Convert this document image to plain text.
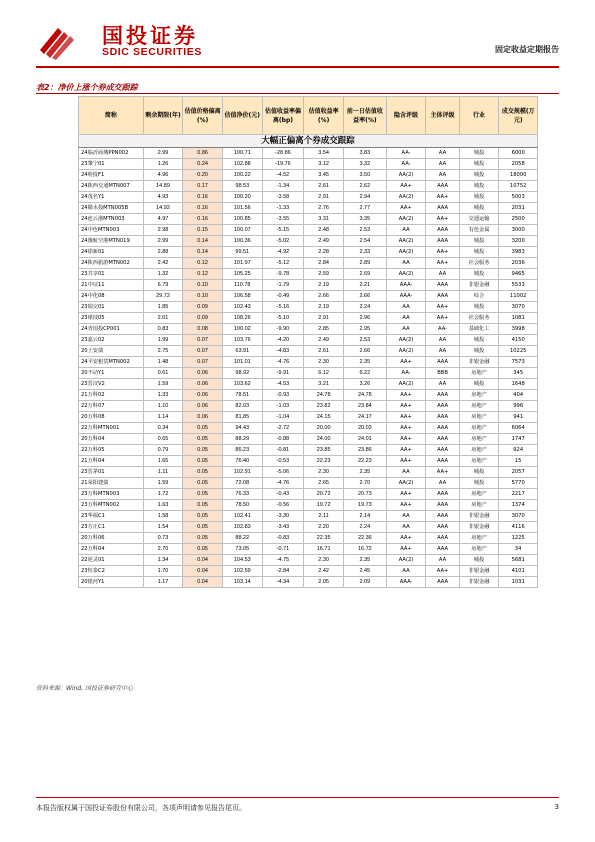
国投证券
SDIC SECURITIES	固定收益定期报告
表2：净价上涨个券成交跟踪
大幅正偏离个券成交跟踪										
简称	剩余期限(年)	估值价格偏离(%)	估值净价(元)	估值收益率偏离(bp)	估值收益率(%)	前一日估值收益率(%)	隐含评级	主体评级	行业	成交规模(万元)
24临沂商城PPN002	2.99	0.86	100.71	-28.86	3.54	3.83	AA-	AA	城投	6000
23肇宁01	1.26	0.24	102.88	-19.76	3.12	3.32	AA-	AA	城投	2058
24哈投F1	4.96	0.20	100.22	-4.52	3.45	3.50	AA(2)	AA	城投	18000
24陕西交通MTN007	14.89	0.17	98.53	-1.34	2.61	2.62	AA+	AAA	城投	10752
24茂名Y1	4.93	0.16	100.20	-3.58	2.91	2.94	AA(2)	AA+	城投	5003
24赣水投MTN005B	14.92	0.16	101.56	-1.33	2.76	2.77	AA+	AAA	城投	2031
24连云港MTN003	4.97	0.16	100.85	-3.55	3.31	3.35	AA(2)	AA+	交通运输	2500
24中色MTN003	2.98	0.15	100.07	-5.15	2.48	2.53	AA	AAA	有色金属	3000
24豫航空港MTN019	2.99	0.14	100.36	-5.02	2.49	2.54	AA(2)	AAA	城投	3200
24徐新01	2.88	0.14	99.51	-4.92	2.28	2.33	AA(2)	AA+	城投	3983
24陕西旅游MTN002	2.42	0.12	101.97	-5.12	2.84	2.89	AA	AA+	社会服务	2036
23共享01	1.32	0.12	105.25	-9.78	2.59	2.69	AA(2)	AA	城投	9465
21中证11	6.79	0.10	110.78	-1.79	2.19	2.21	AAA-	AAA	非银金融	5533
24中化08	29.72	0.10	106.58	-0.49	2.66	2.66	AAA-	AAA	综合	11002
23瑞交01	1.85	0.09	102.43	-5.16	2.19	2.24	AA	AA+	城投	3070
23球技05	2.01	0.09	108.26	-5.10	2.91	2.96	AA	AA+	社会服务	1081
24青国投CP001	0.83	0.08	100.02	-9.90	2.85	2.95	AA	AA-	基础化工	3998
23嘉云02	1.99	0.07	103.76	-4.20	2.49	2.53	AA(2)	AA	城投	4150
20上安债	2.75	0.07	63.91	-4.83	2.61	2.66	AA(2)	AA	城投	10225
24平安租赁MTN002	1.48	0.07	101.01	-4.76	2.30	2.35	AA+	AAA	非银金融	7573
20不动Y1	0.61	0.06	98.92	-9.91	6.12	6.22	AA-	BBB	房地产	345
23晋汉V2	1.59	0.06	103.62	-4.53	3.21	3.26	AA(2)	AA	城投	1648
21万科02	1.33	0.06	78.51	-0.93	24.78	24.78	AA+	AAA	房地产	404
22万科07	1.10	0.06	82.03	-1.03	23.82	23.84	AA+	AAA	房地产	996
20万科08	1.14	0.06	81.85	-1.04	24.15	24.17	AA+	AAA	房地产	941
22万科MTN001	0.34	0.05	94.43	-2.72	20.00	20.03	AA+	AAA	房地产	6064
20万科04	0.65	0.05	88.29	-0.88	24.00	24.01	AA+	AAA	房地产	1747
22万科05	0.79	0.05	86.23	-0.81	23.85	23.86	AA+	AAA	房地产	924
21万科04	1.65	0.05	76.40	-0.53	22.23	22.23	AA+	AAA	房地产	15
23晋茅01	1.11	0.05	102.91	-5.06	2.30	2.35	AA	AA+	城投	2057
21荣阳建债	1.59	0.05	72.08	-4.76	2.65	2.70	AA(2)	AA	城投	5770
23万科MTN003	1.72	0.05	76.33	-0.43	20.72	20.73	AA+	AAA	房地产	2217
23万科MTN002	1.63	0.05	78.50	-0.56	19.72	19.73	AA+	AAA	房地产	1374
23华福C1	1.58	0.05	102.41	-3.30	2.11	2.14	AA	AAA	非银金融	3070
23方正C1	1.54	0.05	102.83	-3.43	2.20	2.24	AA	AAA	非银金融	4116
20万科06	0.73	0.05	88.22	-0.83	22.35	22.36	AA+	AAA	房地产	1225
22万科04	2.70	0.05	73.05	-0.71	16.71	16.72	AA+	AAA	房地产	34
22逆灵01	1.34	0.04	104.53	-4.75	2.30	2.35	AA(2)	AA	城投	5681
23恒泰C2	1.70	0.04	102.59	-2.84	2.42	2.45	AA	AA+	非银金融	4101
20银河Y1	1.17	0.04	103.14	-4.34	2.05	2.09	AAA-	AAA	非银金融	1031
资料来源：Wind, 国投证券研究中心
本报告版权属于国投证券股份有限公司，各项声明请参见报告尾页。	3
